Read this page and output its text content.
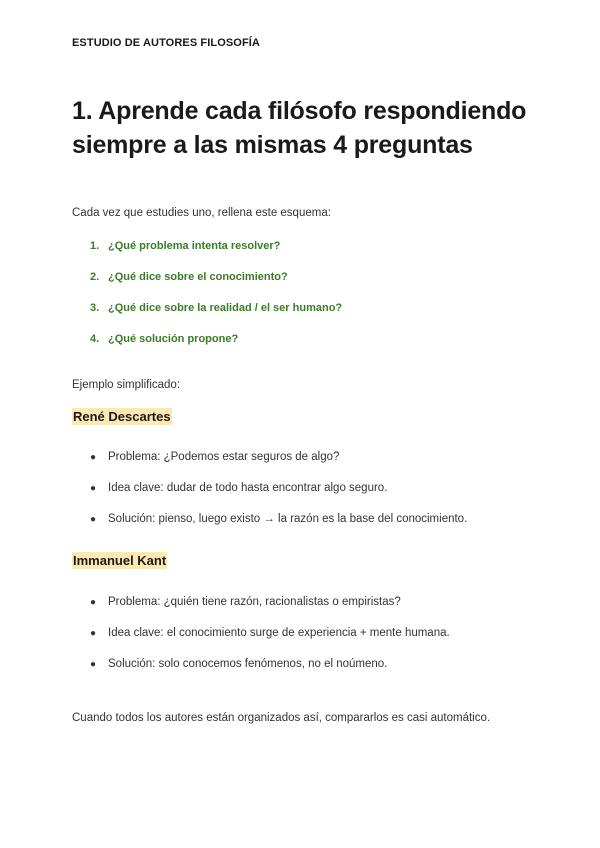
ESTUDIO DE AUTORES FILOSOFÍA
1. Aprende cada filósofo respondiendo siempre a las mismas 4 preguntas

Cada vez que estudies uno, rellena este esquema:

1. ¿Qué problema intenta resolver?
2. ¿Qué dice sobre el conocimiento?
3. ¿Qué dice sobre la realidad / el ser humano?
4. ¿Qué solución propone?

Ejemplo simplificado:

René Descartes

● Problema: ¿Podemos estar seguros de algo?
● Idea clave: dudar de todo hasta encontrar algo seguro.
● Solución: pienso, luego existo → la razón es la base del conocimiento.

Immanuel Kant

● Problema: ¿quién tiene razón, racionalistas o empiristas?
● Idea clave: el conocimiento surge de experiencia + mente humana.
● Solución: solo conocemos fenómenos, no el noúmeno.

Cuando todos los autores están organizados así, compararlos es casi automático.
